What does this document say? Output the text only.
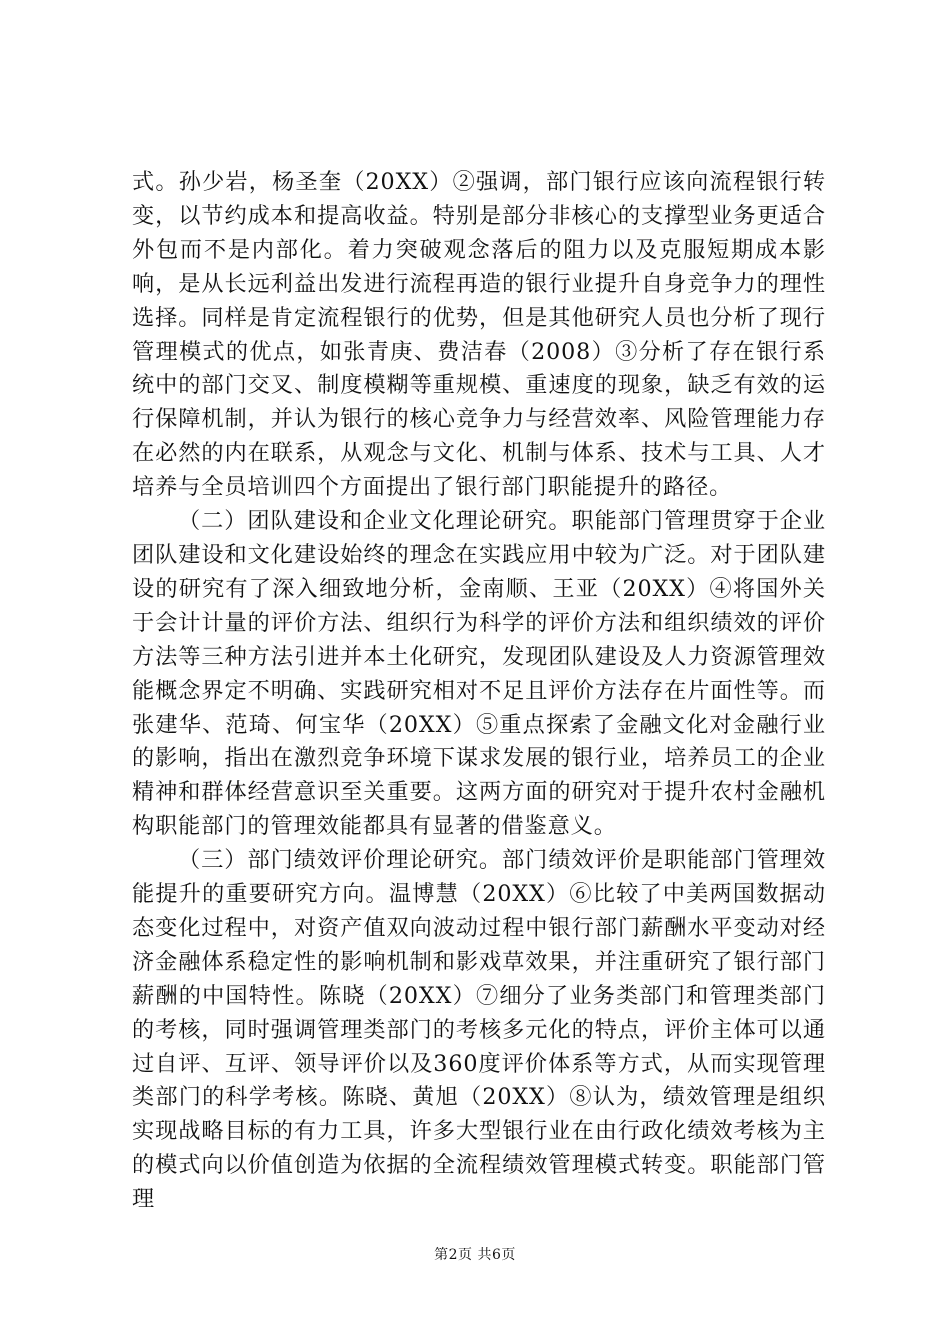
式。孙少岩，杨圣奎（20XX）②强调，部门银行应该向流程银行转变，以节约成本和提高收益。特别是部分非核心的支撑型业务更适合外包而不是内部化。着力突破观念落后的阻力以及克服短期成本影响，是从长远利益出发进行流程再造的银行业提升自身竞争力的理性选择。同样是肯定流程银行的优势，但是其他研究人员也分析了现行管理模式的优点，如张青庚、费洁春（2008）③分析了存在银行系统中的部门交叉、制度模糊等重规模、重速度的现象，缺乏有效的运行保障机制，并认为银行的核心竞争力与经营效率、风险管理能力存在必然的内在联系，从观念与文化、机制与体系、技术与工具、人才培养与全员培训四个方面提出了银行部门职能提升的路径。

（二）团队建设和企业文化理论研究。职能部门管理贯穿于企业团队建设和文化建设始终的理念在实践应用中较为广泛。对于团队建设的研究有了深入细致地分析，金南顺、王亚（20XX）④将国外关于会计计量的评价方法、组织行为科学的评价方法和组织绩效的评价方法等三种方法引进并本土化研究，发现团队建设及人力资源管理效能概念界定不明确、实践研究相对不足且评价方法存在片面性等。而张建华、范琦、何宝华（20XX）⑤重点探索了金融文化对金融行业的影响，指出在激烈竞争环境下谋求发展的银行业，培养员工的企业精神和群体经营意识至关重要。这两方面的研究对于提升农村金融机构职能部门的管理效能都具有显著的借鉴意义。

（三）部门绩效评价理论研究。部门绩效评价是职能部门管理效能提升的重要研究方向。温博慧（20XX）⑥比较了中美两国数据动态变化过程中，对资产值双向波动过程中银行部门薪酬水平变动对经济金融体系稳定性的影响机制和影戏草效果，并注重研究了银行部门薪酬的中国特性。陈晓（20XX）⑦细分了业务类部门和管理类部门的考核，同时强调管理类部门的考核多元化的特点，评价主体可以通过自评、互评、领导评价以及360度评价体系等方式，从而实现管理类部门的科学考核。陈晓、黄旭（20XX）⑧认为，绩效管理是组织实现战略目标的有力工具，许多大型银行业在由行政化绩效考核为主的模式向以价值创造为依据的全流程绩效管理模式转变。职能部门管理

第2页 共6页
